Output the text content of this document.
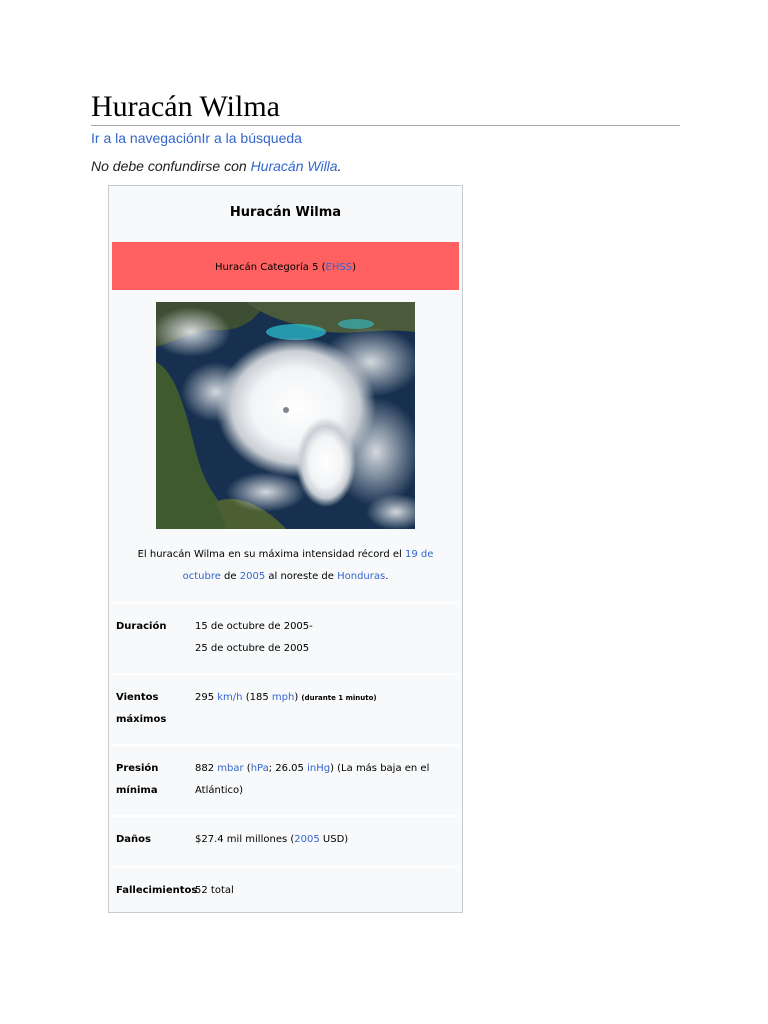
Huracán Wilma
Ir a la navegaciónIr a la búsqueda
No debe confundirse con Huracán Willa.
Huracán Wilma
Huracán Categoría 5 (EHSS)
El huracán Wilma en su máxima intensidad récord el 19 de octubre de 2005 al noreste de Honduras.
Duración	15 de octubre de 2005-
25 de octubre de 2005
Vientos máximos
295 km/h (185 mph) (durante 1 minuto)
Presión mínima
882 mbar (hPa; 26.05 inHg) (La más baja en el Atlántico)
Daños	$27.4 mil millones (2005 USD)
Fallecimientos
52 total
